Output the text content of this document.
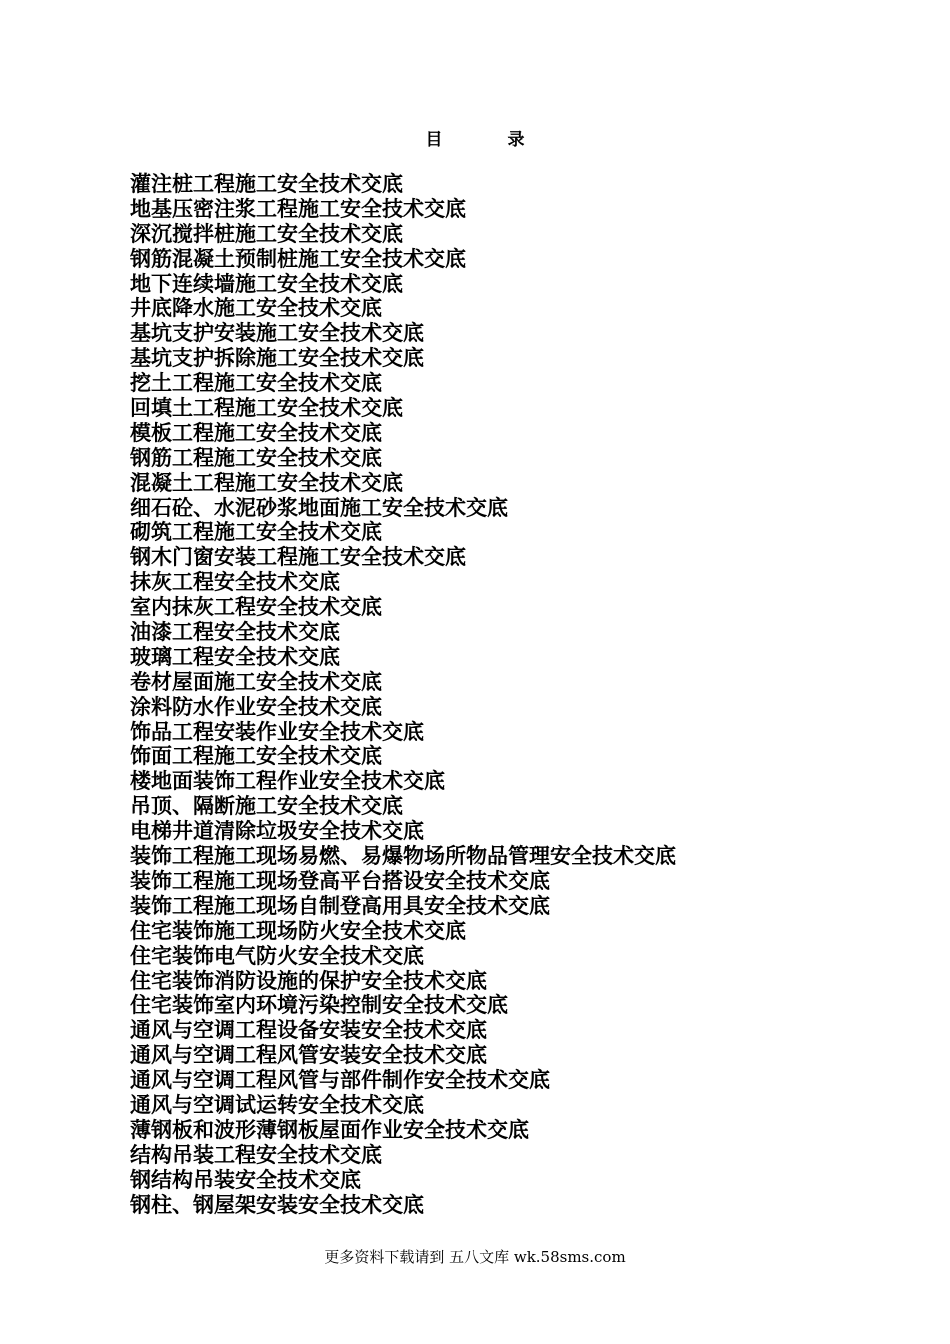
目　录
灌注桩工程施工安全技术交底
地基压密注浆工程施工安全技术交底
深沉搅拌桩施工安全技术交底
钢筋混凝土预制桩施工安全技术交底
地下连续墙施工安全技术交底
井底降水施工安全技术交底
基坑支护安装施工安全技术交底
基坑支护拆除施工安全技术交底
挖土工程施工安全技术交底
回填土工程施工安全技术交底
模板工程施工安全技术交底
钢筋工程施工安全技术交底
混凝土工程施工安全技术交底
细石砼、水泥砂浆地面施工安全技术交底
砌筑工程施工安全技术交底
钢木门窗安装工程施工安全技术交底
抹灰工程安全技术交底
室内抹灰工程安全技术交底
油漆工程安全技术交底
玻璃工程安全技术交底
卷材屋面施工安全技术交底
涂料防水作业安全技术交底
饰品工程安装作业安全技术交底
饰面工程施工安全技术交底
楼地面装饰工程作业安全技术交底
吊顶、隔断施工安全技术交底
电梯井道清除垃圾安全技术交底
装饰工程施工现场易燃、易爆物场所物品管理安全技术交底
装饰工程施工现场登高平台搭设安全技术交底
装饰工程施工现场自制登高用具安全技术交底
住宅装饰施工现场防火安全技术交底
住宅装饰电气防火安全技术交底
住宅装饰消防设施的保护安全技术交底
住宅装饰室内环境污染控制安全技术交底
通风与空调工程设备安装安全技术交底
通风与空调工程风管安装安全技术交底
通风与空调工程风管与部件制作安全技术交底
通风与空调试运转安全技术交底
薄钢板和波形薄钢板屋面作业安全技术交底
结构吊装工程安全技术交底
钢结构吊装安全技术交底
钢柱、钢屋架安装安全技术交底
更多资料下载请到 五八文库 wk.58sms.com
